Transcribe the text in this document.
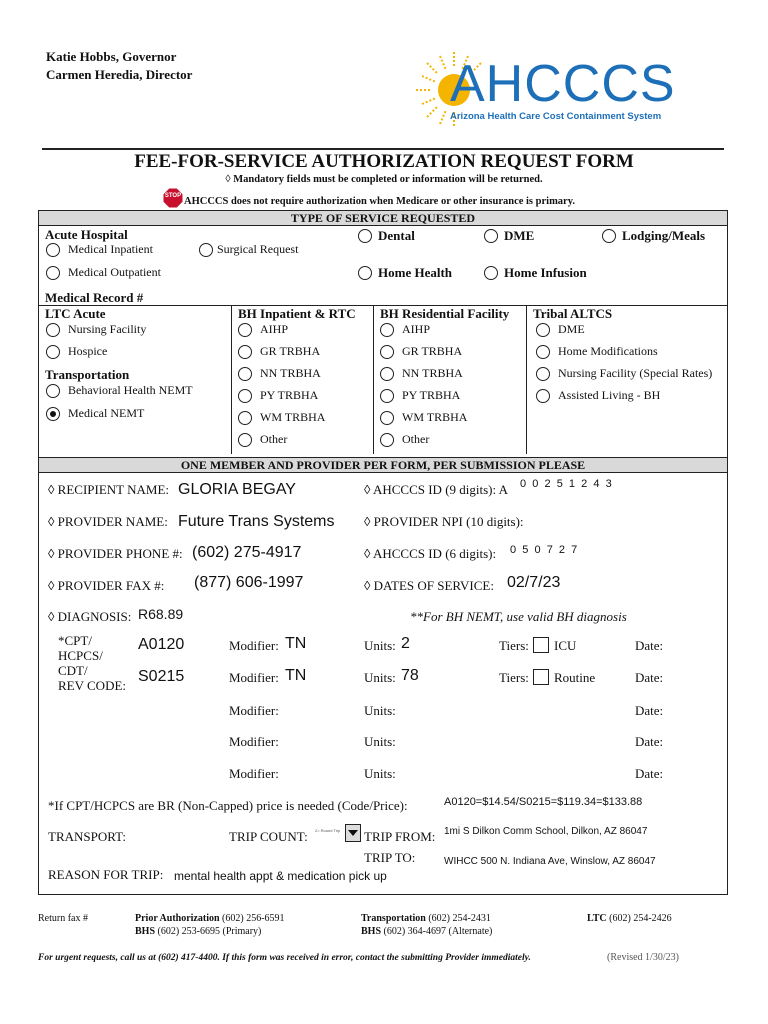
Katie Hobbs, Governor
Carmen Heredia, Director	AHCCCS
Arizona Health Care Cost Containment System
FEE-FOR-SERVICE AUTHORIZATION REQUEST FORM
◊ Mandatory fields must be completed or information will be returned.
STOP AHCCCS does not require authorization when Medicare or other insurance is primary.
TYPE OF SERVICE REQUESTED
Acute Hospital
Medical Inpatient	Surgical Request
Medical Outpatient
Medical Record #
Dental	DME	Lodging/Meals
Home Health	Home Infusion
LTC Acute
Nursing Facility
Hospice
Transportation
Behavioral Health NEMT
Medical NEMT
BH Inpatient & RTC
AIHP
GR TRBHA
NN TRBHA
PY TRBHA
WM TRBHA
Other
BH Residential Facility
AIHP
GR TRBHA
NN TRBHA
PY TRBHA
WM TRBHA
Other
Tribal ALTCS
DME
Home Modifications
Nursing Facility (Special Rates)
Assisted Living - BH
ONE MEMBER AND PROVIDER PER FORM, PER SUBMISSION PLEASE
◊ RECIPIENT NAME: GLORIA BEGAY	◊ AHCCCS ID (9 digits): A 0  0  2  5  1  2  4  3
◊ PROVIDER NAME: Future Trans Systems ◊ PROVIDER NPI (10 digits):
◊ PROVIDER PHONE #: (602) 275-4917	◊ AHCCCS ID (6 digits): 0  5  0  7  2  7
◊ PROVIDER FAX #: (877) 606-1997	◊ DATES OF SERVICE: 02/7/23
◊ DIAGNOSIS: R68.89	**For BH NEMT, use valid BH diagnosis
*CPT/
HCPCS/
CDT/
REV CODE:
A0120	Modifier: TN	Units: 2	Tiers: ICU	Date:
S0215	Modifier: TN	Units: 78	Tiers: Routine	Date:
Modifier:	Units:	Date:
Modifier:	Units:	Date:
Modifier:	Units:	Date:
*If CPT/HCPCS are BR (Non-Capped) price is needed (Code/Price):	A0120=$14.54/S0215=$119.34=$133.88
TRANSPORT:	TRIP COUNT: 2= Round Trip	TRIP FROM: 1mi S Dilkon Comm School, Dilkon, AZ 86047
TRIP TO:	WIHCC 500 N. Indiana Ave, Winslow, AZ 86047
REASON FOR TRIP: mental health appt & medication pick up
Return fax #	Prior Authorization (602) 256-6591
BHS (602) 253-6695 (Primary)
Transportation (602) 254-2431
BHS (602) 364-4697 (Alternate)
LTC (602) 254-2426
For urgent requests, call us at (602) 417-4400. If this form was received in error, contact the submitting Provider immediately.	(Revised 1/30/23)
